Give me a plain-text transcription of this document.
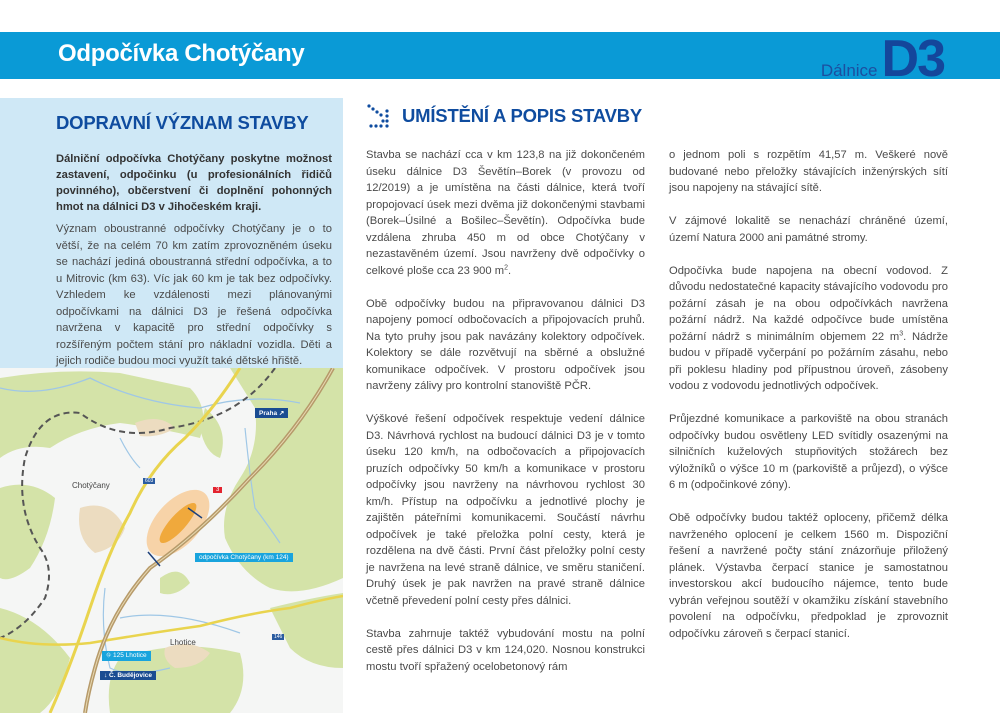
Odpočívka Chotýčany
Dálnice D3
DOPRAVNÍ VÝZNAM STAVBY

Dálniční odpočívka Chotýčany poskytne možnost zastavení, odpočinku (u profesionálních řidičů povinného), občerstvení či doplnění pohonných hmot na dálnici D3 v Jihočeském kraji.

Význam oboustranné odpočívky Chotýčany je o to větší, že na celém 70 km zatím zprovozněném úseku se nachází jediná oboustranná střední odpočívka, a to u Mitrovic (km 63). Víc jak 60 km je tak bez odpočívky. Vzhledem ke vzdálenosti mezi plánovanými odpočívkami na dálnici D3 je řešená odpočívka navržena v kapacitě pro střední odpočívky s rozšířeným počtem stání pro nákladní vozidla. Děti a jejich rodiče budou moci využít také dětské hřiště.

Chotýčany
Lhotice
Praha ↗
odpočívka Chotýčany (km 124)
⛗ 125 Lhotice
↓ Č. Budějovice
603
3
146
UMÍSTĚNÍ A POPIS STAVBY

Stavba se nachází cca v km 123,8 na již dokončeném úseku dálnice D3 Ševětín–Borek (v provozu od 12/2019) a je umístěna na části dálnice, která tvoří propojovací úsek mezi dvěma již dokončenými stavbami (Borek–Úsilné a Bošilec–Ševětín). Odpočívka bude vzdálena zhruba 450 m od obce Chotýčany v nezastavěném území. Jsou navrženy dvě odpočívky o celkové ploše cca 23 900 $m^2$.

Obě odpočívky budou na připravovanou dálnici D3 napojeny pomocí odbočovacích a připojovacích pruhů. Na tyto pruhy jsou pak navázány kolektory odpočívek. Kolektory se dále rozvětvují na sběrné a obslužné komunikace odpočívek. V prostoru odpočívek jsou navrženy zálivy pro kontrolní stanoviště PČR.

Výškové řešení odpočívek respektuje vedení dálnice D3. Návrhová rychlost na budoucí dálnici D3 je v tomto úseku 120 km/h, na odbočovacích a připojovacích pruzích odpočívky 50 km/h a komunikace v prostoru odpočívky jsou navrženy na návrhovou rychlost 30 km/h. Přístup na odpočívku a jednotlivé plochy je zajištěn páteřními komunikacemi. Součástí návrhu odpočívek je také přeložka polní cesty, která je rozdělena na dvě části. První část přeložky polní cesty je navržena na levé straně dálnice, ve směru staničení. Druhý úsek je pak navržen na pravé straně dálnice včetně převedení polní cesty přes dálnici.

Stavba zahrnuje taktéž vybudování mostu na polní cestě přes dálnici D3 v km 124,020. Nosnou konstrukci mostu tvoří spřažený ocelobetonový rám

o jednom poli s rozpětím 41,57 m. Veškeré nově budované nebo přeložky stávajících inženýrských sítí jsou napojeny na stávající sítě.

V zájmové lokalitě se nenachází chráněné území, území Natura 2000 ani památné stromy.

Odpočívka bude napojena na obecní vodovod. Z důvodu nedostatečné kapacity stávajícího vodovodu pro požární zásah je na obou odpočívkách navržena požární nádrž. Na každé odpočívce bude umístěna požární nádrž s minimálním objemem 22 $m^3$. Nádrže budou v případě vyčerpání po požárním zásahu, nebo při poklesu hladiny pod přípustnou úroveň, zásobeny vodou z vodovodu jednotlivých odpočívek.

Průjezdné komunikace a parkoviště na obou stranách odpočívky budou osvětleny LED svítidly osazenými na silničních kuželových stupňovitých stožárech bez výložníků o výšce 10 m (parkoviště a průjezd), o výšce 6 m (odpočinkové zóny).

Obě odpočívky budou taktéž oploceny, přičemž délka navrženého oplocení je celkem 1560 m. Dispoziční řešení a navržené počty stání znázorňuje přiložený plánek. Výstavba čerpací stanice je samostatnou investorskou akcí budoucího nájemce, tento bude vybrán veřejnou soutěží v okamžiku získání stavebního povolení na odpočívku, předpoklad je zprovoznit odpočívku zároveň s čerpací stanicí.
